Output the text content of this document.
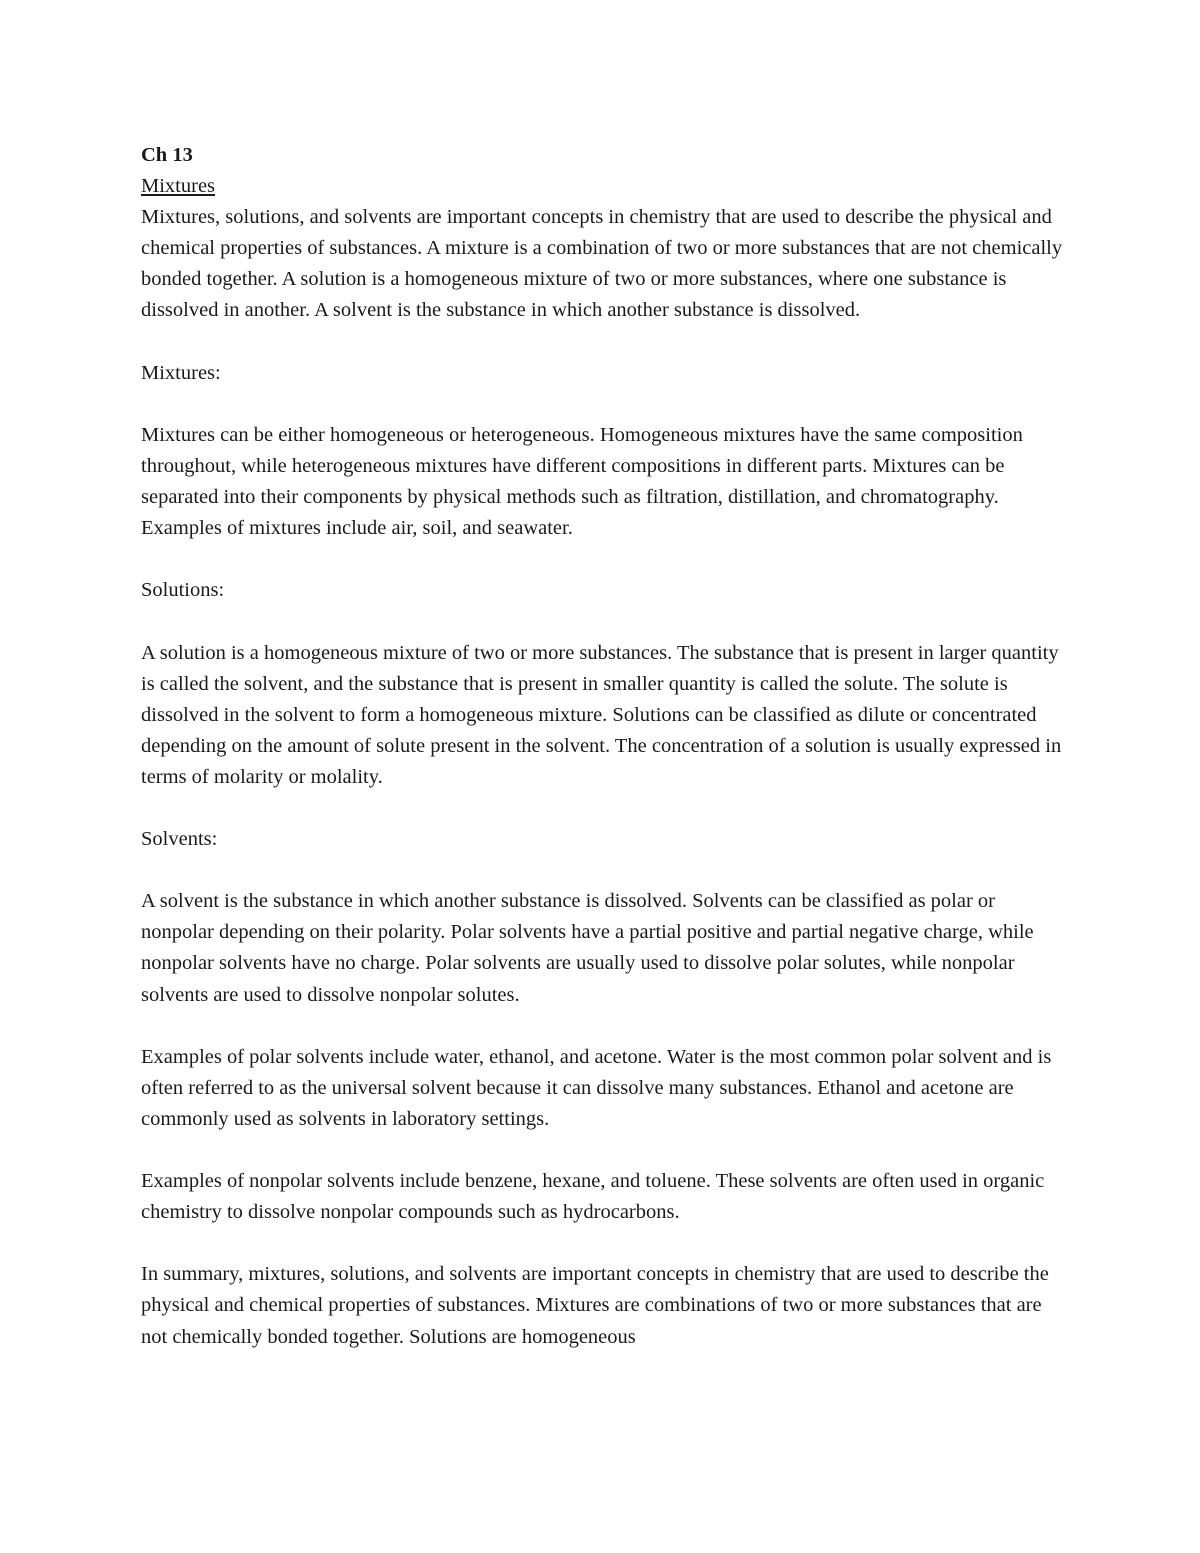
Ch 13

Mixtures

Mixtures, solutions, and solvents are important concepts in chemistry that are used to describe the physical and chemical properties of substances. A mixture is a combination of two or more substances that are not chemically bonded together. A solution is a homogeneous mixture of two or more substances, where one substance is dissolved in another. A solvent is the substance in which another substance is dissolved.

Mixtures:

Mixtures can be either homogeneous or heterogeneous. Homogeneous mixtures have the same composition throughout, while heterogeneous mixtures have different compositions in different parts. Mixtures can be separated into their components by physical methods such as filtration, distillation, and chromatography. Examples of mixtures include air, soil, and seawater.

Solutions:

A solution is a homogeneous mixture of two or more substances. The substance that is present in larger quantity is called the solvent, and the substance that is present in smaller quantity is called the solute. The solute is dissolved in the solvent to form a homogeneous mixture. Solutions can be classified as dilute or concentrated depending on the amount of solute present in the solvent. The concentration of a solution is usually expressed in terms of molarity or molality.

Solvents:

A solvent is the substance in which another substance is dissolved. Solvents can be classified as polar or nonpolar depending on their polarity. Polar solvents have a partial positive and partial negative charge, while nonpolar solvents have no charge. Polar solvents are usually used to dissolve polar solutes, while nonpolar solvents are used to dissolve nonpolar solutes.

Examples of polar solvents include water, ethanol, and acetone. Water is the most common polar solvent and is often referred to as the universal solvent because it can dissolve many substances. Ethanol and acetone are commonly used as solvents in laboratory settings.

Examples of nonpolar solvents include benzene, hexane, and toluene. These solvents are often used in organic chemistry to dissolve nonpolar compounds such as hydrocarbons.

In summary, mixtures, solutions, and solvents are important concepts in chemistry that are used to describe the physical and chemical properties of substances. Mixtures are combinations of two or more substances that are not chemically bonded together. Solutions are homogeneous
